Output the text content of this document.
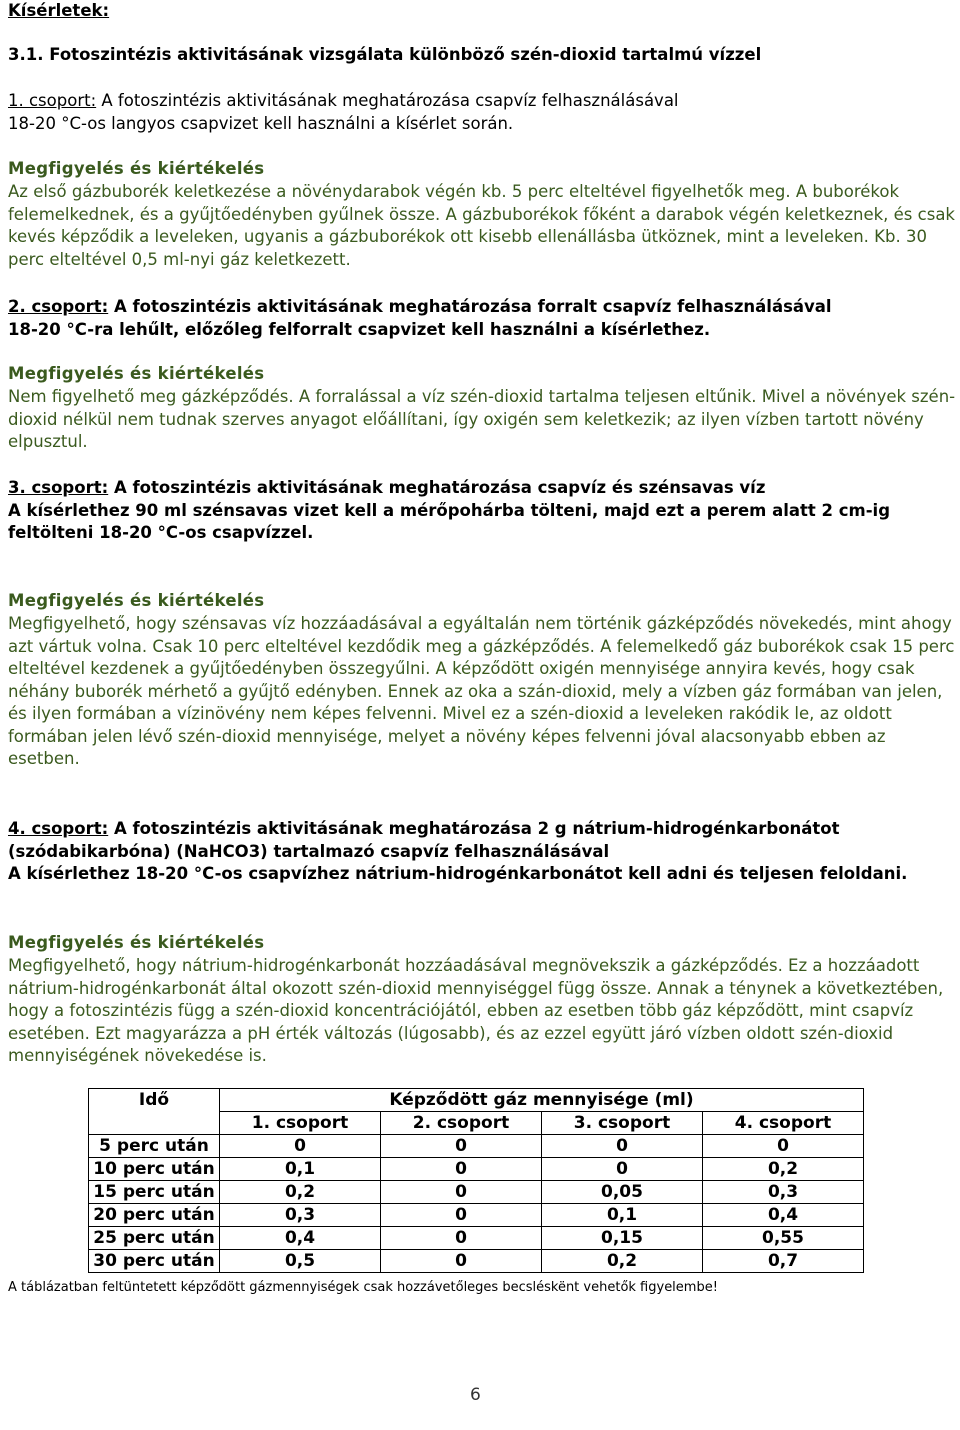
Kísérletek:
3.1. Fotoszintézis aktivitásának vizsgálata különböző szén-dioxid tartalmú vízzel
1. csoport: A fotoszintézis aktivitásának meghatározása csapvíz felhasználásával
18-20 °C-os langyos csapvizet kell használni a kísérlet során.
Megfigyelés és kiértékelés
Az első gázbuborék keletkezése a növénydarabok végén kb. 5 perc elteltével figyelhetők meg. A buborékok felemelkednek, és a gyűjtőedényben gyűlnek össze. A gázbuborékok főként a darabok végén keletkeznek, és csak kevés képződik a leveleken, ugyanis a gázbuborékok ott kisebb ellenállásba ütköznek, mint a leveleken. Kb. 30 perc elteltével 0,5 ml-nyi gáz keletkezett.
2. csoport: A fotoszintézis aktivitásának meghatározása forralt csapvíz felhasználásával
18-20 °C-ra lehűlt, előzőleg felforralt csapvizet kell használni a kísérlethez.
Megfigyelés és kiértékelés
Nem figyelhető meg gázképződés. A forralással a víz szén-dioxid tartalma teljesen eltűnik. Mivel a növények szén-dioxid nélkül nem tudnak szerves anyagot előállítani, így oxigén sem keletkezik; az ilyen vízben tartott növény elpusztul.
3. csoport: A fotoszintézis aktivitásának meghatározása csapvíz és szénsavas víz
A kísérlethez 90 ml szénsavas vizet kell a mérőpohárba tölteni, majd ezt a perem alatt 2 cm-ig feltölteni 18-20 °C-os csapvízzel.
Megfigyelés és kiértékelés
Megfigyelhető, hogy szénsavas víz hozzáadásával a egyáltalán nem történik gázképződés növekedés, mint ahogy azt vártuk volna. Csak 10 perc elteltével kezdődik meg a gázképződés. A felemelkedő gáz buborékok csak 15 perc elteltével kezdenek a gyűjtőedényben összegyűlni. A képződött oxigén mennyisége annyira kevés, hogy csak néhány buborék mérhető a gyűjtő edényben. Ennek az oka a szán-dioxid, mely a vízben gáz formában van jelen, és ilyen formában a vízinövény nem képes felvenni. Mivel ez a szén-dioxid a leveleken rakódik le, az oldott formában jelen lévő szén-dioxid mennyisége, melyet a növény képes felvenni jóval alacsonyabb ebben az esetben.
4. csoport: A fotoszintézis aktivitásának meghatározása 2 g nátrium-hidrogénkarbonátot (szódabikarbóna) (NaHCO3) tartalmazó csapvíz felhasználásával
A kísérlethez 18-20 °C-os csapvízhez nátrium-hidrogénkarbonátot kell adni és teljesen feloldani.
Megfigyelés és kiértékelés
Megfigyelhető, hogy nátrium-hidrogénkarbonát hozzáadásával megnövekszik a gázképződés. Ez a hozzáadott nátrium-hidrogénkarbonát által okozott szén-dioxid mennyiséggel függ össze. Annak a ténynek a következtében, hogy a fotoszintézis függ a szén-dioxid koncentrációjától, ebben az esetben több gáz képződött, mint csapvíz esetében. Ezt magyarázza a pH érték változás (lúgosabb), és az ezzel együtt járó vízben oldott szén-dioxid mennyiségének növekedése is.
Idő	Képződött gáz mennyisége (ml)			
	1. csoport	2. csoport	3. csoport	4. csoport
5 perc után	0	0	0	0
10 perc után	0,1	0	0	0,2
15 perc után	0,2	0	0,05	0,3
20 perc után	0,3	0	0,1	0,4
25 perc után	0,4	0	0,15	0,55
30 perc után	0,5	0	0,2	0,7
A táblázatban feltüntetett képződött gázmennyiségek csak hozzávetőleges becsléskënt vehetők figyelembe!
6
